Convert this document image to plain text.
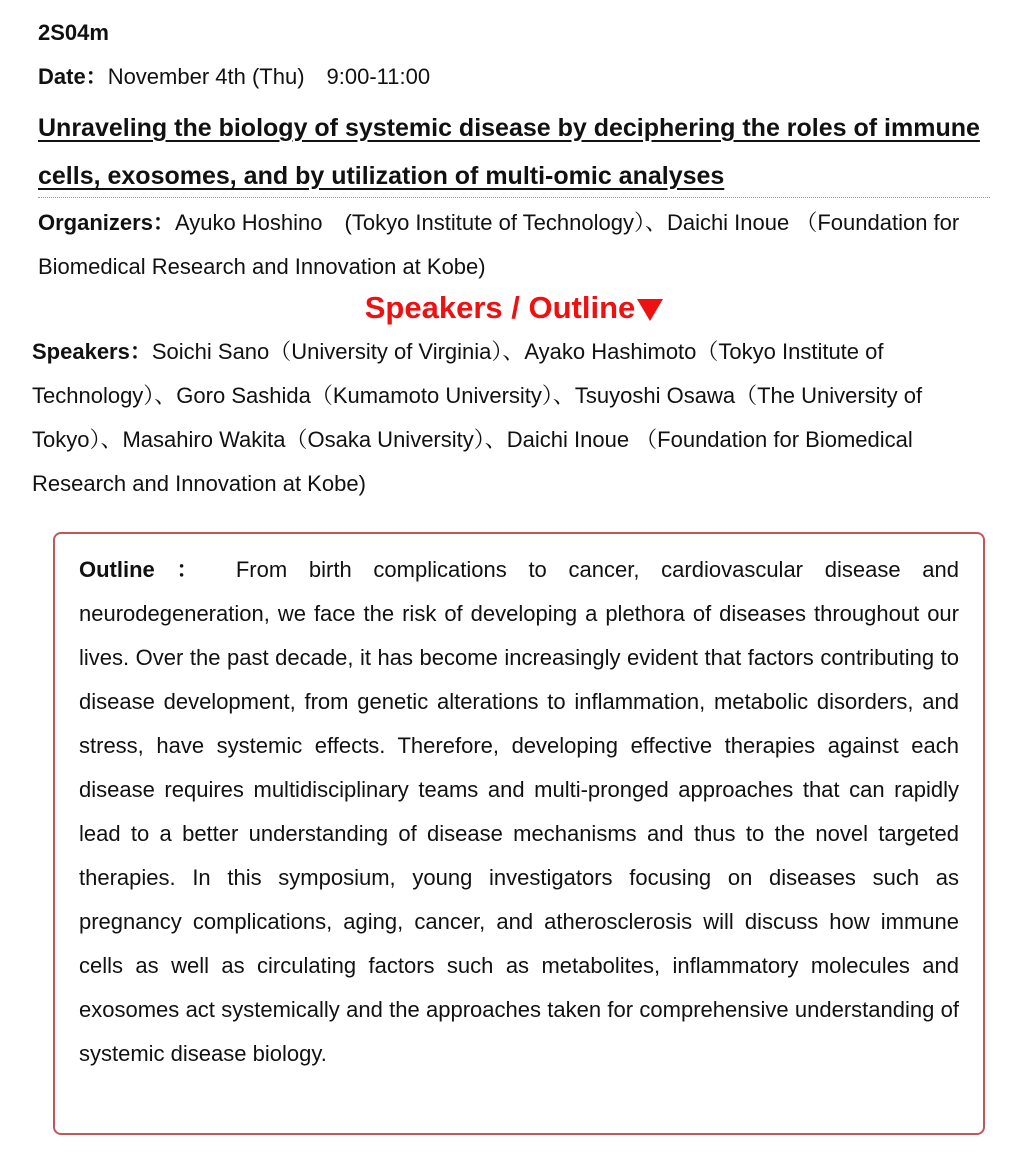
2S04m
Date：November 4th (Thu)　9:00-11:00
Unraveling the biology of systemic disease by deciphering the roles of immune cells, exosomes, and by utilization of multi-omic analyses
Organizers：Ayuko Hoshino　(Tokyo Institute of Technology）、Daichi Inoue （Foundation for Biomedical Research and Innovation at Kobe)
Speakers / Outline
Speakers：Soichi Sano（University of Virginia）、Ayako Hashimoto（Tokyo Institute of Technology）、Goro Sashida（Kumamoto University）、Tsuyoshi Osawa（The University of Tokyo）、Masahiro Wakita（Osaka University）、Daichi Inoue （Foundation for Biomedical Research and Innovation at Kobe)

Outline ： From birth complications to cancer, cardiovascular disease and neurodegeneration, we face the risk of developing a plethora of diseases throughout our lives. Over the past decade, it has become increasingly evident that factors contributing to disease development, from genetic alterations to inflammation, metabolic disorders, and stress, have systemic effects. Therefore, developing effective therapies against each disease requires multidisciplinary teams and multi-pronged approaches that can rapidly lead to a better understanding of disease mechanisms and thus to the novel targeted therapies. In this symposium, young investigators focusing on diseases such as pregnancy complications, aging, cancer, and atherosclerosis will discuss how immune cells as well as circulating factors such as metabolites, inflammatory molecules and exosomes act systemically and the approaches taken for comprehensive understanding of systemic disease biology.
